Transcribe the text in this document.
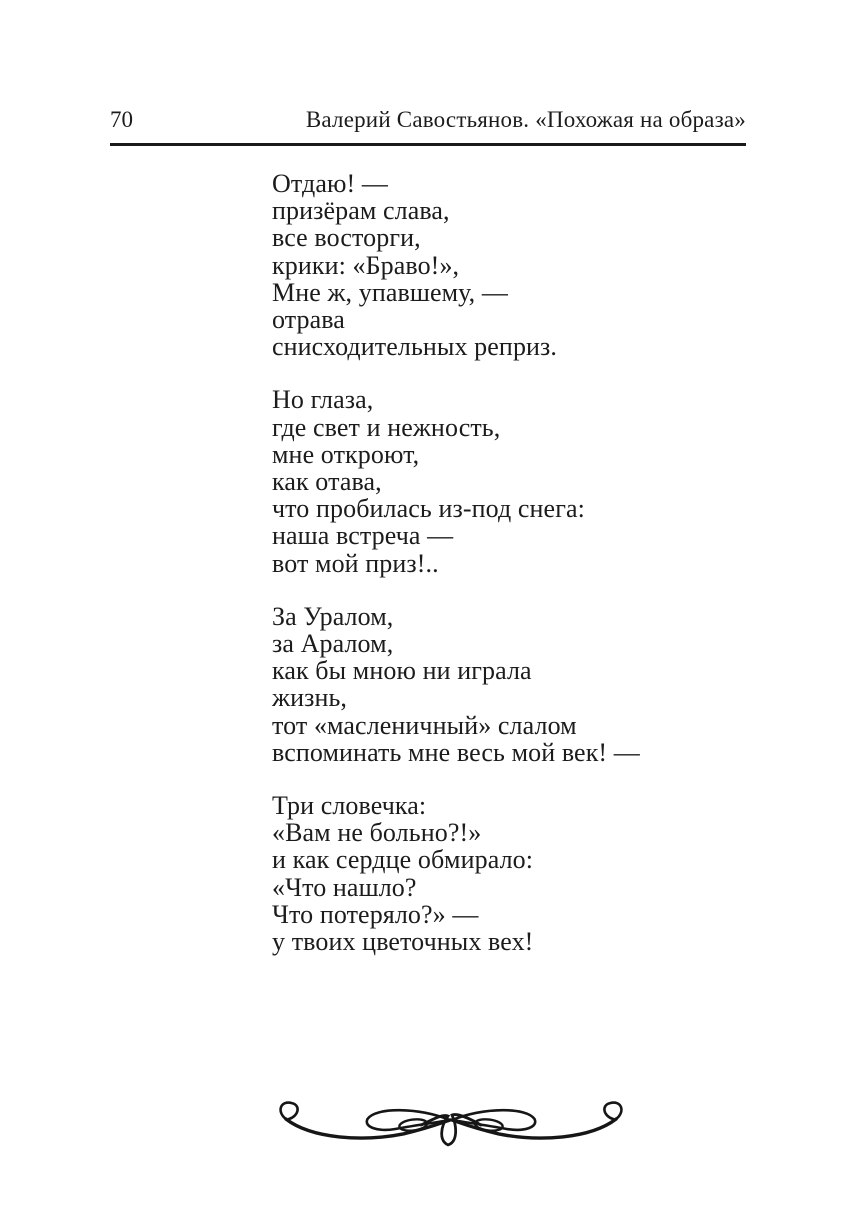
70	Валерий Савостьянов. «Похожая на образа»
Отдаю! —
призёрам слава,
все восторги,
крики: «Браво!»,
Мне ж, упавшему, —
отрава
снисходительных реприз.
Но глаза,
где свет и нежность,
мне откроют,
как отава,
что пробилась из-под снега:
наша встреча —
вот мой приз!..
За Уралом,
за Аралом,
как бы мною ни играла
жизнь,
тот «масленичный» слалом
вспоминать мне весь мой век! —
Три словечка:
«Вам не больно?!»
и как сердце обмирало:
«Что нашло?
Что потеряло?» —
у твоих цветочных вех!
